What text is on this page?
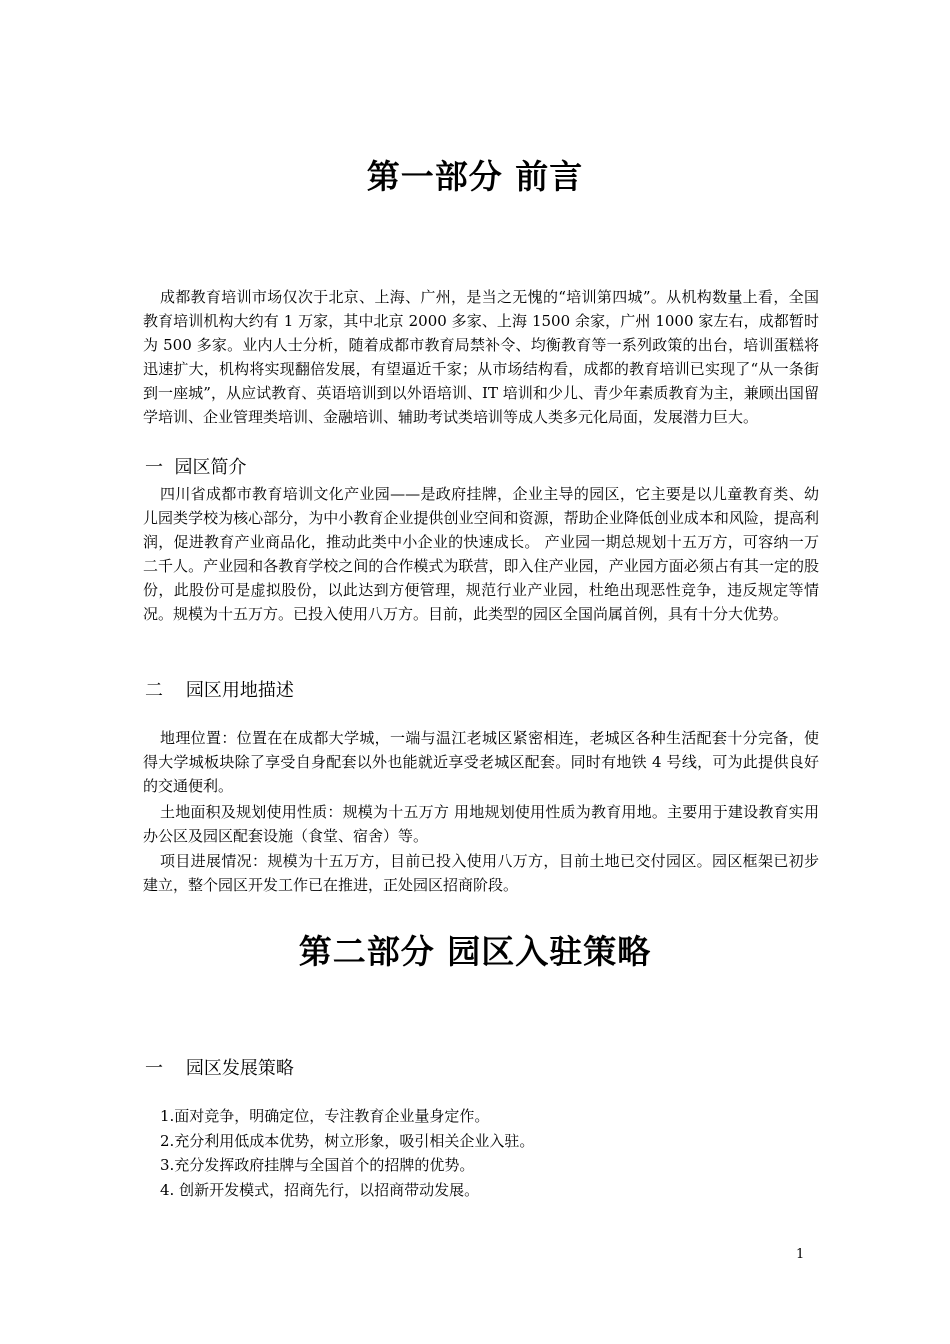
第一部分 前言

成都教育培训市场仅次于北京、上海、广州，是当之无愧的“培训第四城”。从机构数量上看，全国教育培训机构大约有 1 万家，其中北京 2000 多家、上海 1500 余家，广州 1000 家左右，成都暂时为 500 多家。业内人士分析，随着成都市教育局禁补令、均衡教育等一系列政策的出台，培训蛋糕将迅速扩大，机构将实现翻倍发展，有望逼近千家；从市场结构看，成都的教育培训已实现了“从一条街到一座城”，从应试教育、英语培训到以外语培训、IT 培训和少儿、青少年素质教育为主，兼顾出国留学培训、企业管理类培训、金融培训、辅助考试类培训等成人类多元化局面，发展潜力巨大。

一 园区简介

四川省成都市教育培训文化产业园——是政府挂牌，企业主导的园区，它主要是以儿童教育类、幼儿园类学校为核心部分，为中小教育企业提供创业空间和资源，帮助企业降低创业成本和风险，提高利润，促进教育产业商品化，推动此类中小企业的快速成长。 产业园一期总规划十五万方，可容纳一万二千人。产业园和各教育学校之间的合作模式为联营，即入住产业园，产业园方面必须占有其一定的股份，此股份可是虚拟股份，以此达到方便管理，规范行业产业园，杜绝出现恶性竞争，违反规定等情况。规模为十五万方。已投入使用八万方。目前，此类型的园区全国尚属首例，具有十分大优势。

二 园区用地描述

地理位置：位置在在成都大学城，一端与温江老城区紧密相连，老城区各种生活配套十分完备，使得大学城板块除了享受自身配套以外也能就近享受老城区配套。同时有地铁 4 号线，可为此提供良好的交通便利。

土地面积及规划使用性质：规模为十五万方 用地规划使用性质为教育用地。主要用于建设教育实用办公区及园区配套设施（食堂、宿舍）等。

项目进展情况：规模为十五万方，目前已投入使用八万方，目前土地已交付园区。园区框架已初步建立，整个园区开发工作已在推进，正处园区招商阶段。

第二部分 园区入驻策略
一 园区发展策略
1.面对竞争，明确定位，专注教育企业量身定作。
2.充分利用低成本优势，树立形象，吸引相关企业入驻。
3.充分发挥政府挂牌与全国首个的招牌的优势。
4. 创新开发模式，招商先行，以招商带动发展。
1
